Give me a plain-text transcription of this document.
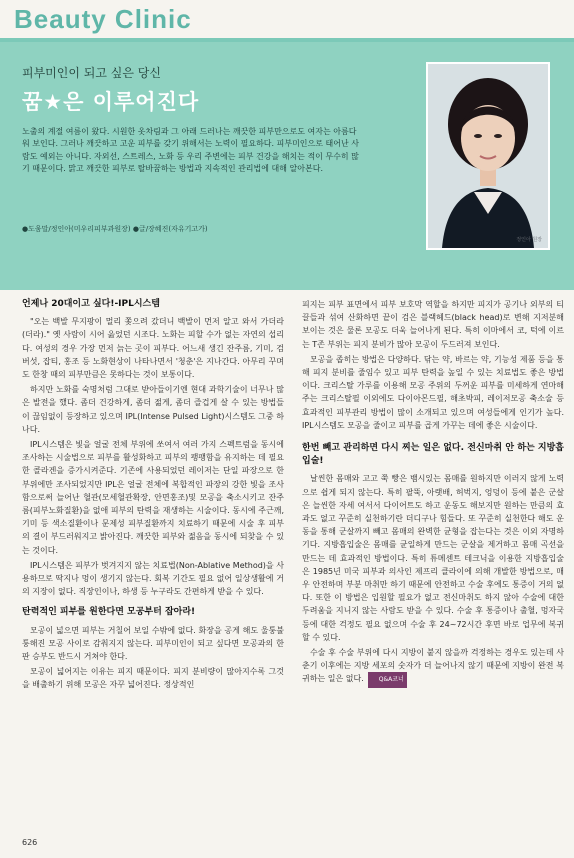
Beauty Clinic
피부미인이 되고 싶은 당신
꿈★은 이루어진다
노출의 계절 여름이 왔다. 시원한 옷차림과 그 아래 드러나는 깨끗한 피부만으로도 여자는 아름다워 보인다. 그러나 깨끗하고 고운 피부를 갖기 위해서는 노력이 필요하다. 피부미인으로 태어난 사람도 예외는 아니다. 자외선, 스트레스, 노화 등 우리 주변에는 피부 건강을 해치는 적이 무수히 많기 때문이다. 맑고 깨끗한 피부로 탈바꿈하는 방법과 지속적인 관리법에 대해 알아본다.
●도움말/정인아(미우리피부과원장) ●글/장혜진(자유기고가)
정인아 원장
언제나 20대이고 싶다!-IPL시스템

"오는 백발 무지팡이 멀리 쫓으려 갔더니 백발이 먼저 알고 와서 가더라(더라)." 옛 사람이 시어 읊었던 시조다. 노화는 피할 수가 없는 자연의 섭리다. 여성의 경우 가장 먼저 늙는 곳이 피부다. 어느새 생긴 잔주름, 기미, 검버섯, 잡티, 홍조 등 노화현상이 나타나면서 '청춘'은 지나간다. 아무리 꾸며도 한창 때의 피부만큼은 못하다는 것이 보통이다.

하지만 노화를 숙명처럼 그대로 받아들이기엔 현대 과학기술이 너무나 많은 발전을 했다. 좀더 건강하게, 좀더 젊게, 좀더 즐겁게 살 수 있는 방법들이 끊임없이 등장하고 있으며 IPL(Intense Pulsed Light)시스템도 그중 하나다.

IPL시스템은 빛을 얼굴 전체 부위에 쏘여서 여러 가지 스펙트럼을 동시에 조사하는 시술법으로 피부를 활성화하고 피부의 팽팽함을 유지하는 데 필요한 콜라겐을 증가시켜준다. 기존에 사용되었던 레이저는 단일 파장으로 한 부위에만 조사되었지만 IPL은 얼굴 전체에 복합적인 파장의 강한 빛을 조사함으로써 늘어난 혈관(모세혈관확장, 안면홍조)및 모공을 축소시키고 잔주름(피부노화질환)을 없애 피부의 탄력을 재생하는 시술이다. 동시에 주근깨, 기미 등 색소질환이나 문제성 피부질환까지 치료하기 때문에 시술 후 피부의 결이 부드러워지고 밝아진다. 깨끗한 피부와 젊음을 동시에 되찾을 수 있는 것이다.

IPL시스템은 피부가 벗겨지지 않는 치료법(Non-Ablative Method)을 사용하므로 딱지나 멍이 생기지 않는다. 회복 기간도 필요 없어 일상생활에 거의 지장이 없다. 직장인이나, 하생 등 누구라도 간편하게 받을 수 있다.

탄력적인 피부를 원한다면 모공부터 잡아라!

모공이 넓으면 피부는 거칠어 보일 수밖에 없다. 화장을 공게 해도 울퉁불퉁해진 모공 사이로 감춰지지 않는다. 피부미인이 되고 싶다면 모공과의 한판 승부도 반드시 거쳐야 한다.

모공이 넓어지는 이유는 피지 때문이다. 피지 분비량이 많아지수록 그것을 배출하기 위해 모공은 자꾸 넓어진다. 정상적인

피지는 피부 표면에서 피부 보호막 역할을 하지만 피지가 공기나 외부의 티끌들과 섞여 산화하면 끝이 검은 블랙헤드(black head)로 변해 지저분해 보이는 것은 물론 모공도 더욱 늘어나게 된다. 특히 이마에서 코, 턱에 이르는 T존 부위는 피지 분비가 많아 모공이 두드러져 보인다.

모공을 좁히는 방법은 다양하다. 닦는 약, 바르는 약, 기능성 제품 등을 통해 피지 분비를 줄임수 있고 피부 탄력을 높일 수 있는 치료법도 좋은 방법이다. 크리스탈 가루를 이용해 모공 주위의 두꺼운 피부를 미세하게 연마해주는 크리스탈필 이외에도 다이아몬드필, 해초박피, 레이저모공 축소술 등 효과적인 피부관리 방법이 많이 소개되고 있으며 여성들에게 인기가 높다. IPL시스템도 모공을 줄이고 피부를 곱게 가꾸는 데에 좋은 시술이다.

한번 빼고 관리하면 다시 찌는 일은 없다. 전신마취 안 하는 지방흡입술!

날씬한 몸매와 고고 쭉 빵은 뱀시있는 몸매를 원하지만 이러지 않게 노력으로 쉽게 되지 않는다. 특히 팔뚝, 아랫배, 허벅지, 엉덩이 등에 붙은 군살은 늘씬한 자세 여서서 다이어트도 하고 운동도 해보지만 원하는 만큼의 효과도 없고 꾸준히 실천하기란 더디구나 힘들다. 또 꾸준히 실천한다 해도 운동을 통해 군살까지 빼고 몸매의 완벽한 균형을 잡는다는 것은 이외 자명하기다. 지방흡입술은 몸매를 균일하게 만드는 군살을 제거하고 몸매 곡선을 만드는 데 효과적인 방법이다. 특히 튜메센트 테크닉을 이용한 지방흡입술은 1985년 미국 피부과 의사인 제프리 클라이에 의해 개발한 방법으로, 매우 안전하며 부분 마취만 하기 때문에 안전하고 수술 후에도 통증이 거의 없다. 또한 이 방법은 입원할 필요가 없고 전신마취도 하지 않아 수술에 대한 두려움을 지니지 않는 사람도 받을 수 있다. 수술 후 통증이나 출혈, 멍자국 등에 대한 걱정도 필요 없으며 수술 후 24~72시간 후면 바로 업무에 복귀할 수 있다.

수술 후 수술 부위에 다시 지방이 붙지 않을까 걱정하는 경우도 있는데 사춘기 이후에는 지방 세포의 숫자가 더 늘어나지 않기 때문에 지방이 완전 복귀하는 일은 없다.	Q&A코너

626
